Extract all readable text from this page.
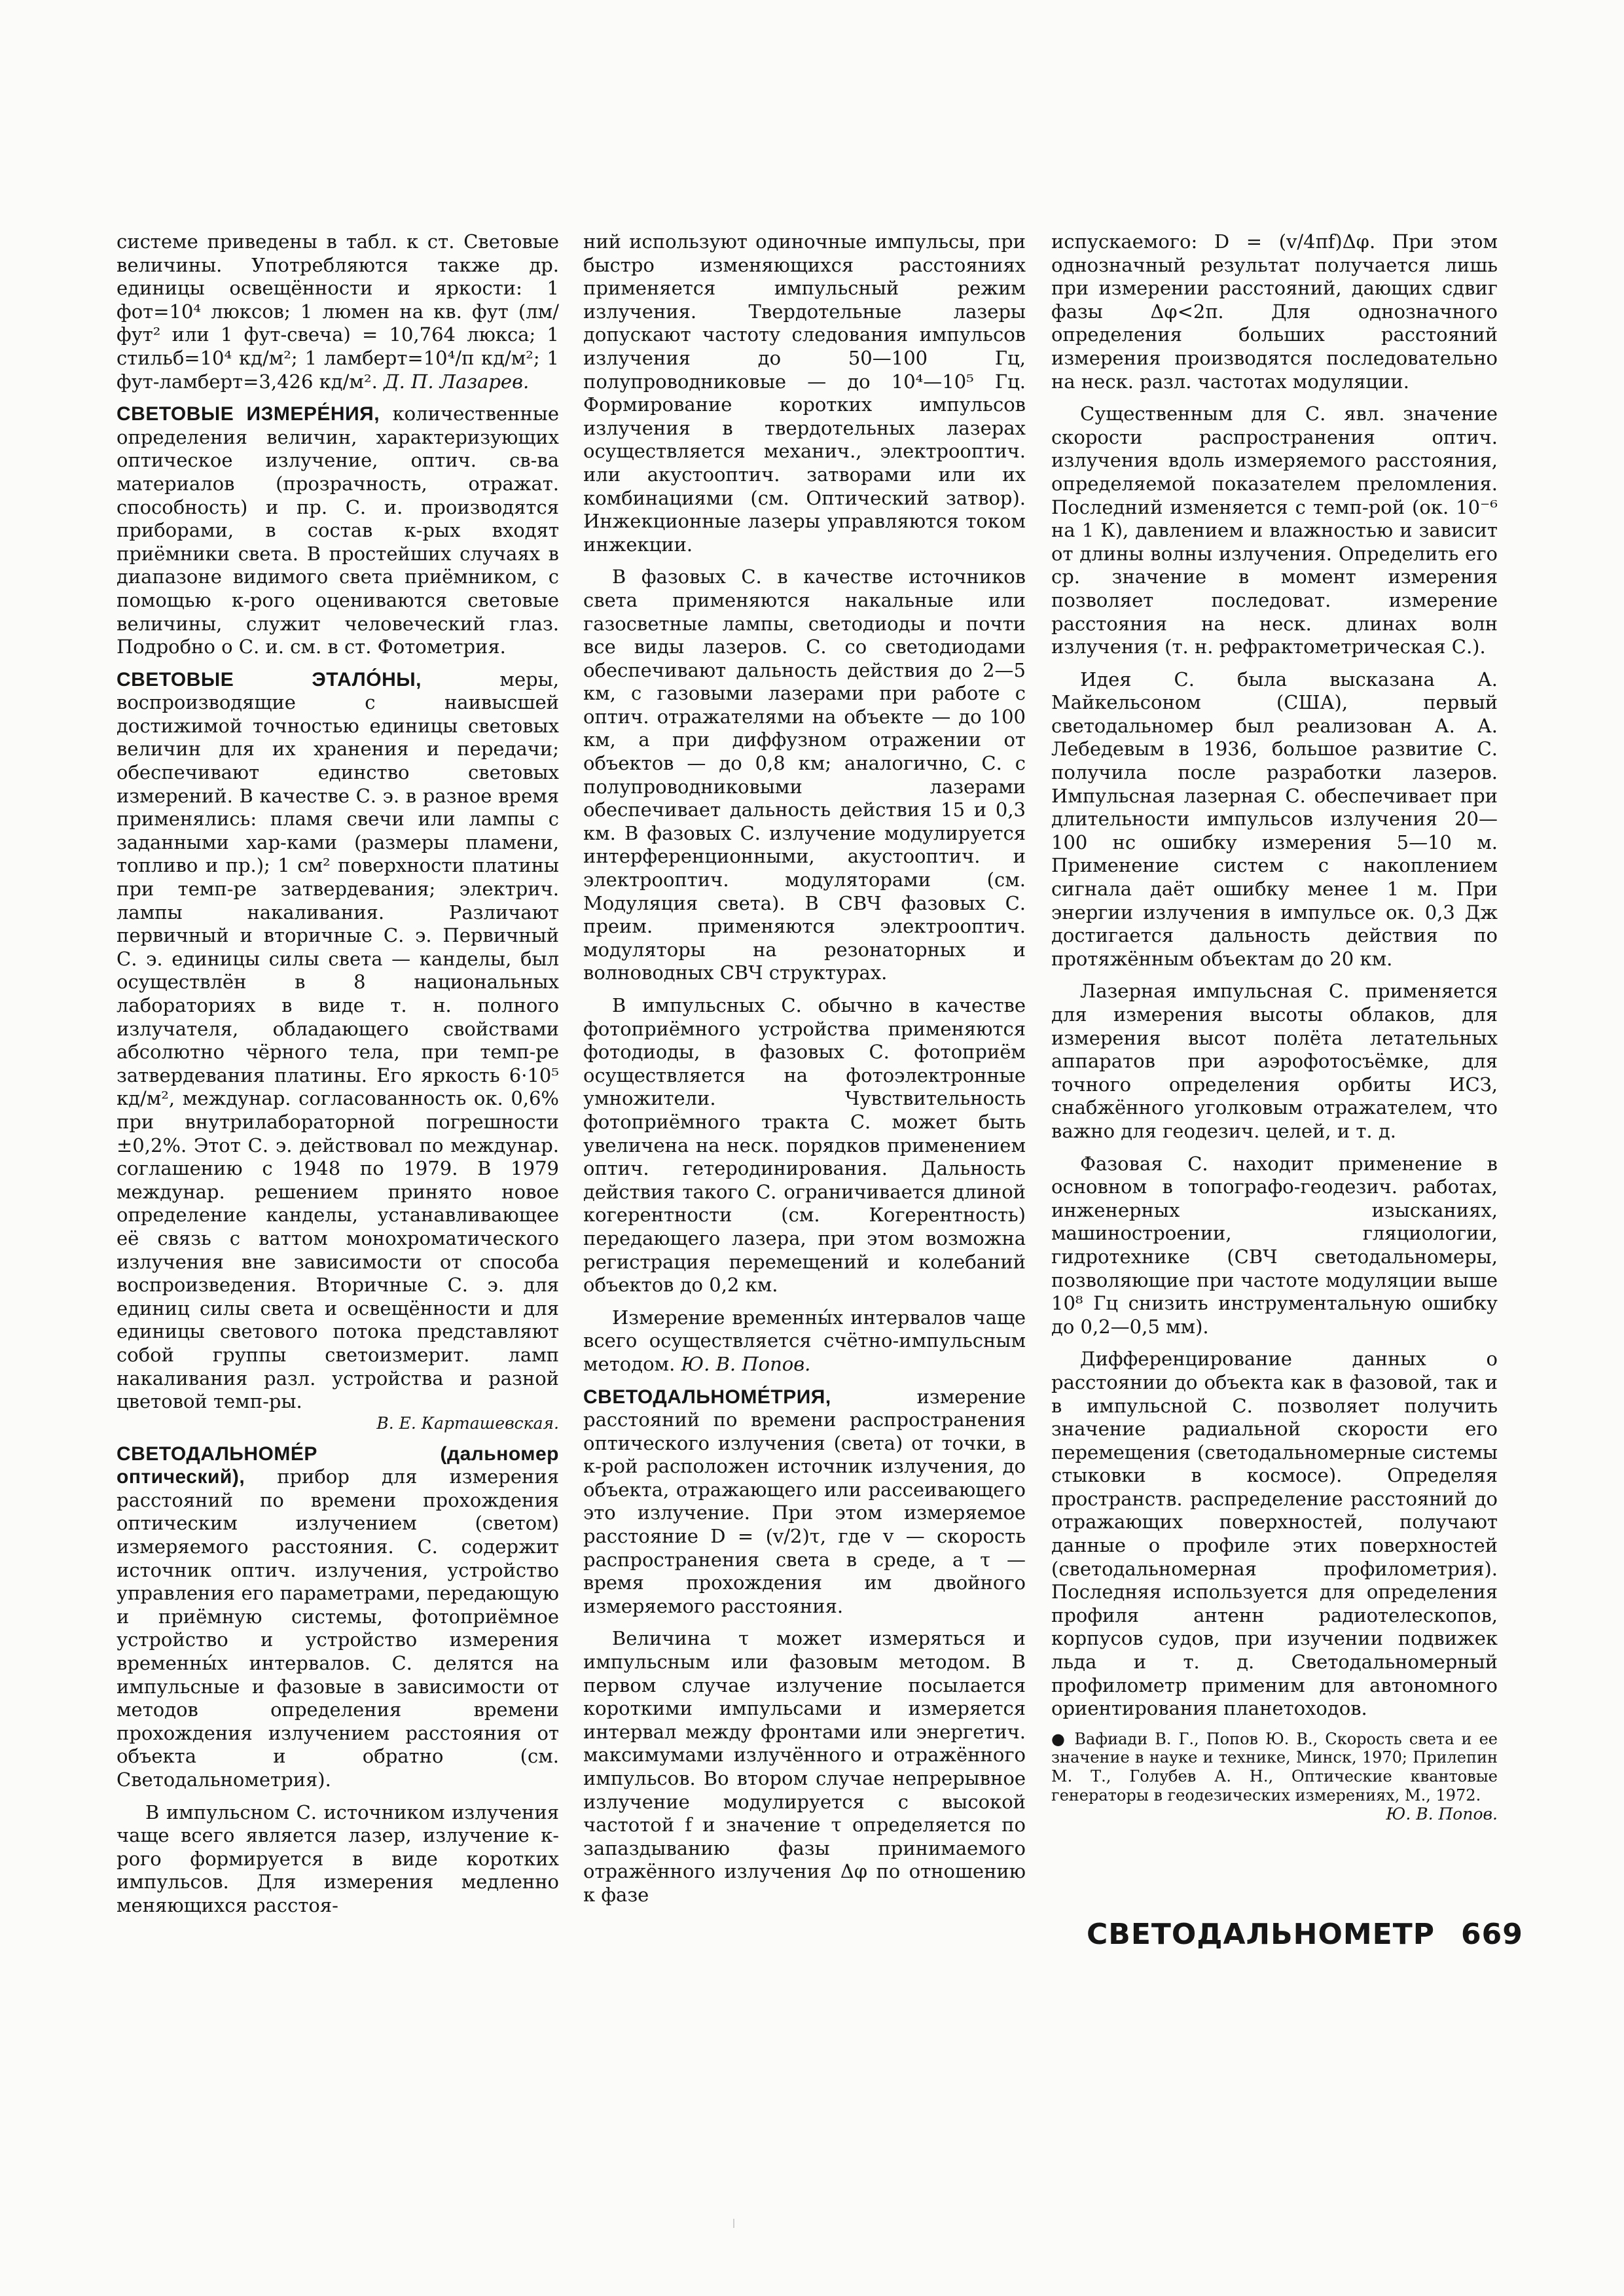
системе приведены в табл. к ст. Световые величины. Употребляются также др. единицы освещённости и яркости: 1 фот=10⁴ люксов; 1 люмен на кв. фут (лм/фут² или 1 фут-свеча) = 10,764 люкса; 1 стильб=10⁴ кд/м²; 1 ламберт=10⁴/π кд/м²; 1 фут-ламберт=3,426 кд/м². Д. П. Лазарев.

СВЕТОВЫЕ ИЗМЕРЕ́НИЯ, количественные определения величин, характеризующих оптическое излучение, оптич. св-ва материалов (прозрачность, отражат. способность) и пр. С. и. производятся приборами, в состав к-рых входят приёмники света. В простейших случаях в диапазоне видимого света приёмником, с помощью к-рого оцениваются световые величины, служит человеческий глаз. Подробно о С. и. см. в ст. Фотометрия.

СВЕТОВЫЕ ЭТАЛО́НЫ, меры, воспроизводящие с наивысшей достижимой точностью единицы световых величин для их хранения и передачи; обеспечивают единство световых измерений. В качестве С. э. в разное время применялись: пламя свечи или лампы с заданными хар-ками (размеры пламени, топливо и пр.); 1 см² поверхности платины при темп-ре затвердевания; электрич. лампы накаливания. Различают первичный и вторичные С. э. Первичный С. э. единицы силы света — канделы, был осуществлён в 8 национальных лабораториях в виде т. н. полного излучателя, обладающего свойствами абсолютно чёрного тела, при темп-ре затвердевания платины. Его яркость 6·10⁵ кд/м², междунар. согласованность ок. 0,6% при внутрилабораторной погрешности ±0,2%. Этот С. э. действовал по междунар. соглашению с 1948 по 1979. В 1979 междунар. решением принято новое определение канделы, устанавливающее её связь с ваттом монохроматического излучения вне зависимости от способа воспроизведения. Вторичные С. э. для единиц силы света и освещённости и для единицы светового потока представляют собой группы светоизмерит. ламп накаливания разл. устройства и разной цветовой темп-ры.
В. Е. Карташевская.

СВЕТОДАЛЬНОМЕ́Р (дальномер оптический), прибор для измерения расстояний по времени прохождения оптическим излучением (светом) измеряемого расстояния. С. содержит источник оптич. излучения, устройство управления его параметрами, передающую и приёмную системы, фотоприёмное устройство и устройство измерения временны́х интервалов. С. делятся на импульсные и фазовые в зависимости от методов определения времени прохождения излучением расстояния от объекта и обратно (см. Светодальнометрия).

В импульсном С. источником излучения чаще всего является лазер, излучение к-рого формируется в виде коротких импульсов. Для измерения медленно меняющихся расстоя-

ний используют одиночные импульсы, при быстро изменяющихся расстояниях применяется импульсный режим излучения. Твердотельные лазеры допускают частоту следования импульсов излучения до 50—100 Гц, полупроводниковые — до 10⁴—10⁵ Гц. Формирование коротких импульсов излучения в твердотельных лазерах осуществляется механич., электрооптич. или акустооптич. затворами или их комбинациями (см. Оптический затвор). Инжекционные лазеры управляются током инжекции.

В фазовых С. в качестве источников света применяются накальные или газосветные лампы, светодиоды и почти все виды лазеров. С. со светодиодами обеспечивают дальность действия до 2—5 км, с газовыми лазерами при работе с оптич. отражателями на объекте — до 100 км, а при диффузном отражении от объектов — до 0,8 км; аналогично, С. с полупроводниковыми лазерами обеспечивает дальность действия 15 и 0,3 км. В фазовых С. излучение модулируется интерференционными, акустооптич. и электрооптич. модуляторами (см. Модуляция света). В СВЧ фазовых С. преим. применяются электрооптич. модуляторы на резонаторных и волноводных СВЧ структурах.

В импульсных С. обычно в качестве фотоприёмного устройства применяются фотодиоды, в фазовых С. фотоприём осуществляется на фотоэлектронные умножители. Чувствительность фотоприёмного тракта С. может быть увеличена на неск. порядков применением оптич. гетеродинирования. Дальность действия такого С. ограничивается длиной когерентности (см. Когерентность) передающего лазера, при этом возможна регистрация перемещений и колебаний объектов до 0,2 км.

Измерение временны́х интервалов чаще всего осуществляется счётно-импульсным методом. Ю. В. Попов.

СВЕТОДАЛЬНОМЕ́ТРИЯ, измерение расстояний по времени распространения оптического излучения (света) от точки, в к-рой расположен источник излучения, до объекта, отражающего или рассеивающего это излучение. При этом измеряемое расстояние D = (v/2)τ, где v — скорость распространения света в среде, а τ — время прохождения им двойного измеряемого расстояния.

Величина τ может измеряться и импульсным или фазовым методом. В первом случае излучение посылается короткими импульсами и измеряется интервал между фронтами или энергетич. максимумами излучённого и отражённого импульсов. Во втором случае непрерывное излучение модулируется с высокой частотой f и значение τ определяется по запаздыванию фазы принимаемого отражённого излучения Δφ по отношению к фазе

испускаемого: D = (v/4πf)Δφ. При этом однозначный результат получается лишь при измерении расстояний, дающих сдвиг фазы Δφ<2π. Для однозначного определения больших расстояний измерения производятся последовательно на неск. разл. частотах модуляции.

Существенным для С. явл. значение скорости распространения оптич. излучения вдоль измеряемого расстояния, определяемой показателем преломления. Последний изменяется с темп-рой (ок. 10⁻⁶ на 1 К), давлением и влажностью и зависит от длины волны излучения. Определить его ср. значение в момент измерения позволяет последоват. измерение расстояния на неск. длинах волн излучения (т. н. рефрактометрическая С.).

Идея С. была высказана А. Майкельсоном (США), первый светодальномер был реализован А. А. Лебедевым в 1936, большое развитие С. получила после разработки лазеров. Импульсная лазерная С. обеспечивает при длительности импульсов излучения 20—100 нс ошибку измерения 5—10 м. Применение систем с накоплением сигнала даёт ошибку менее 1 м. При энергии излучения в импульсе ок. 0,3 Дж достигается дальность действия по протяжённым объектам до 20 км.

Лазерная импульсная С. применяется для измерения высоты облаков, для измерения высот полёта летательных аппаратов при аэрофотосъёмке, для точного определения орбиты ИСЗ, снабжённого уголковым отражателем, что важно для геодезич. целей, и т. д.

Фазовая С. находит применение в основном в топографо-геодезич. работах, инженерных изысканиях, машиностроении, гляциологии, гидротехнике (СВЧ светодальномеры, позволяющие при частоте модуляции выше 10⁸ Гц снизить инструментальную ошибку до 0,2—0,5 мм).

Дифференцирование данных о расстоянии до объекта как в фазовой, так и в импульсной С. позволяет получить значение радиальной скорости его перемещения (светодальномерные системы стыковки в космосе). Определяя пространств. распределение расстояний до отражающих поверхностей, получают данные о профиле этих поверхностей (светодальномерная профилометрия). Последняя используется для определения профиля антенн радиотелескопов, корпусов судов, при изучении подвижек льда и т. д. Светодальномерный профилометр применим для автономного ориентирования планетоходов.

● Вафиади В. Г., Попов Ю. В., Скорость света и ее значение в науке и технике, Минск, 1970; Прилепин М. Т., Голубев А. Н., Оптические квантовые генераторы в геодезических измерениях, М., 1972.
Ю. В. Попов.

СВЕТОДАЛЬНОМЕТР 669
